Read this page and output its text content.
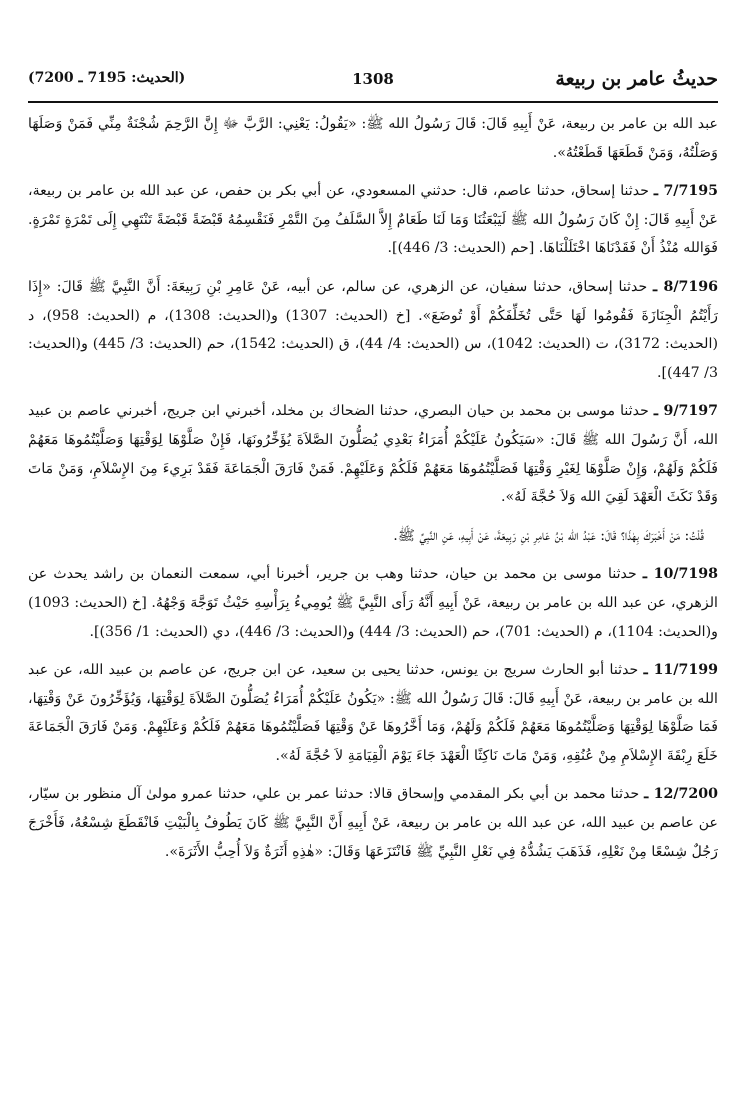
حديثُ عامر بن ربيعة
1308
(الحديث: 7195 ـ 7200)

عبد الله بن عامر بن ربيعة، عَنْ أَبِيهِ قَالَ: قَالَ رَسُولُ الله ﷺ: «يَقُولُ: يَعْنِي: الرَّبَّ ﷻ إِنَّ الرَّحِمَ شُجْنَةٌ مِنِّي فَمَنْ وَصَلَهَا وَصَلْتُهُ، وَمَنْ قَطَعَهَا قَطَعْتُهُ».

7/7195 ـ حدثنا إسحاق، حدثنا عاصم، قال: حدثني المسعودي، عن أبي بكر بن حفص، عن عبد الله بن عامر بن ربيعة، عَنْ أَبِيهِ قَالَ: إِنْ كَانَ رَسُولُ الله ﷺ لَيَبْعَثُنَا وَمَا لَنَا طَعَامٌ إِلاَّ السَّلَفُ مِنَ التَّمْرِ فَنَقْسِمُهُ قَبْضَةً قَبْضَةً تَنْتَهِي إِلَى تَمْرَةٍ تَمْرَةٍ. فَوَالله مُنْذُ أَنْ فَقَدْنَاهَا اخْتَلَلْنَاهَا. [حم (الحديث: 3/ 446)].

8/7196 ـ حدثنا إسحاق، حدثنا سفيان، عن الزهري، عن سالم، عن أبيه، عَنْ عَامِرِ بْنِ رَبِيعَةَ: أَنَّ النَّبِيَّ ﷺ قَالَ: «إِذَا رَأَيْتُمُ الْجِنَازَةَ فَقُومُوا لَهَا حَتَّى تُخَلِّفَكُمْ أَوْ تُوضَعَ». [خ (الحديث: 1307) و(الحديث: 1308)، م (الحديث: 958)، د (الحديث: 3172)، ت (الحديث: 1042)، س (الحديث: 4/ 44)، ق (الحديث: 1542)، حم (الحديث: 3/ 445) و(الحديث: 3/ 447)].

9/7197 ـ حدثنا موسى بن محمد بن حيان البصري، حدثنا الضحاك بن مخلد، أخبرني ابن جريج، أخبرني عاصم بن عبيد الله، أَنَّ رَسُولَ الله ﷺ قَالَ: «سَيَكُونُ عَلَيْكُمْ أُمَرَاءُ بَعْدِي يُصَلُّونَ الصَّلاَةَ يُؤَخِّرُونَهَا، فَإِنْ صَلَّوْهَا لِوَقْتِهَا وَصَلَّيْتُمُوهَا مَعَهُمْ فَلَكُمْ وَلَهُمْ، وَإِنْ صَلَّوْهَا لِغَيْرِ وَقْتِهَا فَصَلَّيْتُمُوهَا مَعَهُمْ فَلَكُمْ وَعَلَيْهِمْ. فَمَنْ فَارَقَ الْجَمَاعَةَ فَقَدْ بَرِيءَ مِنَ الإِسْلاَمِ، وَمَنْ مَاتَ وَقَدْ نَكَثَ الْعَهْدَ لَقِيَ الله وَلاَ حُجَّةَ لَهُ».

قُلْتُ: مَنْ أَخْبَرَكَ بِهٰذَا؟ قَالَ: عَبْدُ الله بْنُ عَامِرِ بْنِ رَبِيعَةَ، عَنْ أَبِيهِ، عَنِ النَّبِيِّ ﷺ.

10/7198 ـ حدثنا موسى بن محمد بن حيان، حدثنا وهب بن جرير، أخبرنا أبي، سمعت النعمان بن راشد يحدث عن الزهري، عن عبد الله بن عامر بن ربيعة، عَنْ أَبِيهِ أَنَّهُ رَأَى النَّبِيَّ ﷺ يُومِيءُ بِرَأْسِهِ حَيْثُ تَوَجَّهَ وَجْهُهُ. [خ (الحديث: 1093) و(الحديث: 1104)، م (الحديث: 701)، حم (الحديث: 3/ 444) و(الحديث: 3/ 446)، دي (الحديث: 1/ 356)].

11/7199 ـ حدثنا أبو الحارث سريج بن يونس، حدثنا يحيى بن سعيد، عن ابن جريج، عن عاصم بن عبيد الله، عن عبد الله بن عامر بن ربيعة، عَنْ أَبِيهِ قَالَ: قَالَ رَسُولُ الله ﷺ: «يَكُونُ عَلَيْكُمْ أُمَرَاءُ يُصَلُّونَ الصَّلاَةَ لِوَقْتِهَا، وَيُؤَخِّرُونَ عَنْ وَقْتِهَا، فَمَا صَلَّوْهَا لِوَقْتِهَا وَصَلَّيْتُمُوهَا مَعَهُمْ فَلَكُمْ وَلَهُمْ، وَمَا أَخَّرُوهَا عَنْ وَقْتِهَا فَصَلَّيْتُمُوهَا مَعَهُمْ فَلَكُمْ وَعَلَيْهِمْ. وَمَنْ فَارَقَ الْجَمَاعَةَ خَلَعَ رِبْقَةَ الإِسْلاَمِ مِنْ عُنُقِهِ، وَمَنْ مَاتَ نَاكِثًا الْعَهْدَ جَاءَ يَوْمَ الْقِيَامَةِ لاَ حُجَّةَ لَهُ».

12/7200 ـ حدثنا محمد بن أبي بكر المقدمي وإسحاق قالا: حدثنا عمر بن علي، حدثنا عمرو مولىٰ آل منظور بن سيّار، عن عاصم بن عبيد الله، عن عبد الله بن عامر بن ربيعة، عَنْ أَبِيهِ أَنَّ النَّبِيَّ ﷺ كَانَ يَطُوفُ بِالْبَيْتِ فَانْقَطَعَ شِسْعُهُ، فَأَخْرَجَ رَجُلٌ شِسْعًا مِنْ نَعْلِهِ، فَذَهَبَ يَشُدُّهُ فِي نَعْلِ النَّبِيِّ ﷺ فَانْتَزَعَهَا وَقَالَ: «هٰذِهِ أَثَرَةٌ وَلاَ أُحِبُّ الأَثَرَةَ».
